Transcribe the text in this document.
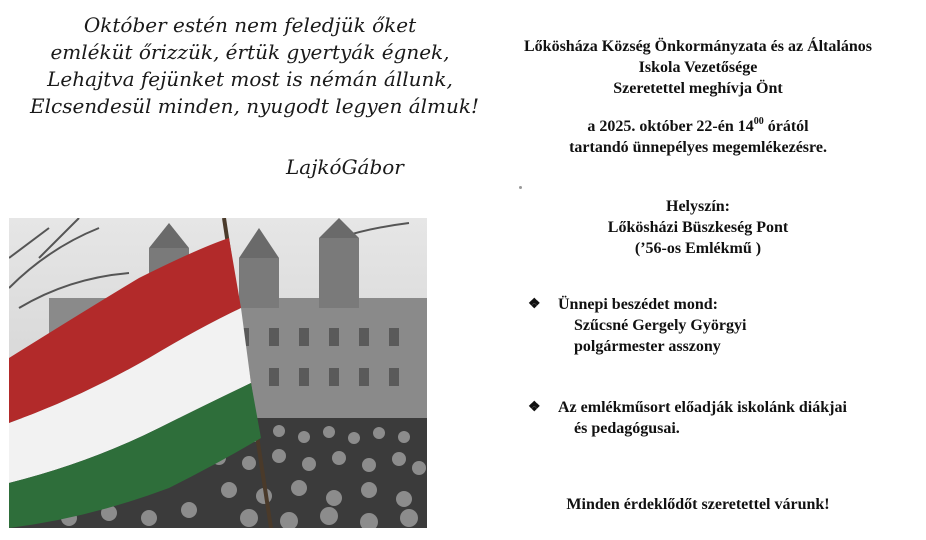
Október estén nem feledjük őket
emléküt őrizzük, értük gyertyák égnek,
Lehajtva fejünket most is némán állunk,
Elcsendesül minden, nyugodt legyen álmuk!
LajkóGábor
Lőkösháza Község Önkormányzata és az Általános
Iskola Vezetősége
Szeretettel meghívja Önt
a 2025. október 22-én $14^{00}$ órától
tartandó ünnepélyes megemlékezésre.
Helyszín:
Lőkösházi Büszkeség Pont
(’56-os Emlékmű )
❖ Ünnepi beszédet mond:
Szűcsné Gergely Györgyi
polgármester asszony
❖ Az emlékműsort előadják iskolánk diákjai
és pedagógusai.
Minden érdeklődőt szeretettel várunk!
